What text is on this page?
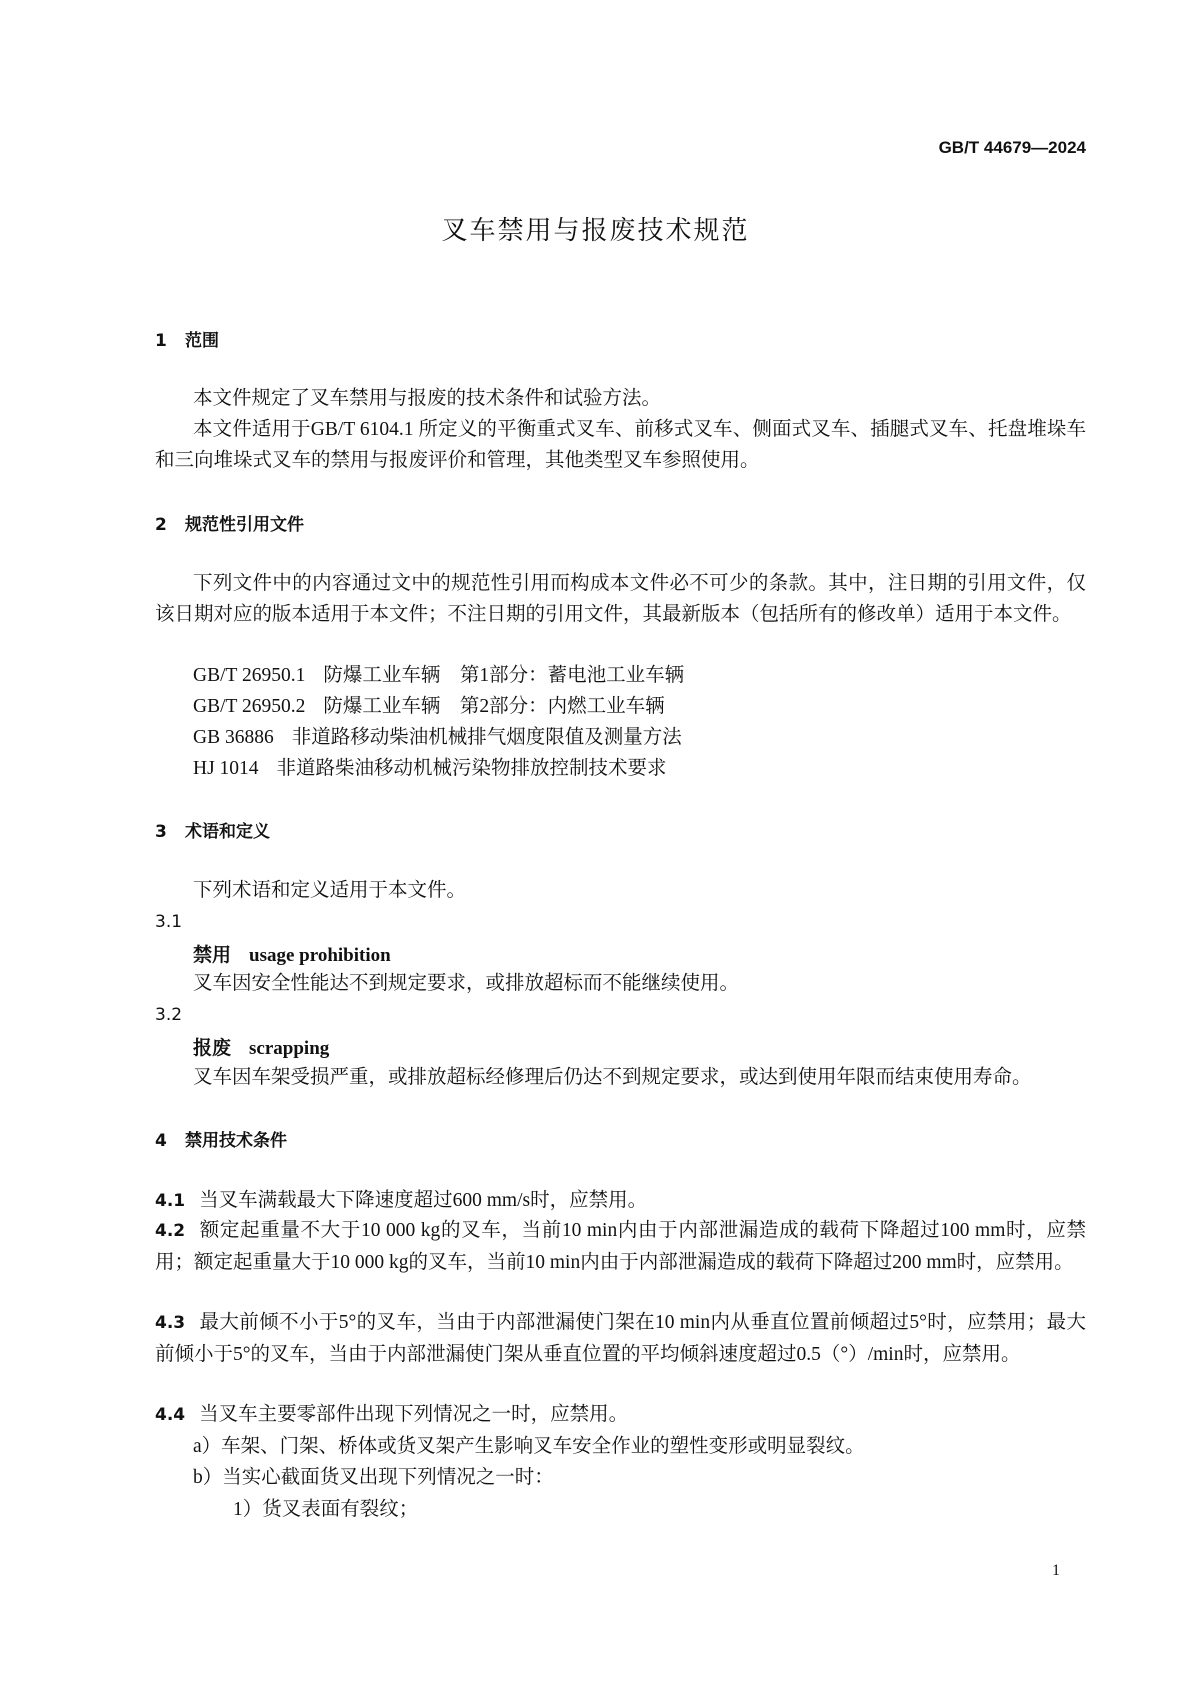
GB/T 44679—2024
叉车禁用与报废技术规范
1 范围
本文件规定了叉车禁用与报废的技术条件和试验方法。
本文件适用于GB/T 6104.1 所定义的平衡重式叉车、前移式叉车、侧面式叉车、插腿式叉车、托盘堆垛车和三向堆垛式叉车的禁用与报废评价和管理，其他类型叉车参照使用。
2 规范性引用文件
下列文件中的内容通过文中的规范性引用而构成本文件必不可少的条款。其中，注日期的引用文件，仅该日期对应的版本适用于本文件；不注日期的引用文件，其最新版本（包括所有的修改单）适用于本文件。
GB/T 26950.1 防爆工业车辆　第1部分：蓄电池工业车辆
GB/T 26950.2 防爆工业车辆　第2部分：内燃工业车辆
GB 36886 非道路移动柴油机械排气烟度限值及测量方法
HJ 1014 非道路柴油移动机械污染物排放控制技术要求
3 术语和定义
下列术语和定义适用于本文件。
3.1
禁用 usage prohibition
叉车因安全性能达不到规定要求，或排放超标而不能继续使用。
3.2
报废 scrapping
叉车因车架受损严重，或排放超标经修理后仍达不到规定要求，或达到使用年限而结束使用寿命。
4 禁用技术条件
4.1 当叉车满载最大下降速度超过600 mm/s时，应禁用。
4.2 额定起重量不大于10 000 kg的叉车，当前10 min内由于内部泄漏造成的载荷下降超过100 mm时，应禁用；额定起重量大于10 000 kg的叉车，当前10 min内由于内部泄漏造成的载荷下降超过200 mm时，应禁用。
4.3 最大前倾不小于5°的叉车，当由于内部泄漏使门架在10 min内从垂直位置前倾超过5°时，应禁用；最大前倾小于5°的叉车，当由于内部泄漏使门架从垂直位置的平均倾斜速度超过0.5（°）/min时，应禁用。
4.4 当叉车主要零部件出现下列情况之一时，应禁用。
a）车架、门架、桥体或货叉架产生影响叉车安全作业的塑性变形或明显裂纹。
b）当实心截面货叉出现下列情况之一时：
1）货叉表面有裂纹；
1
